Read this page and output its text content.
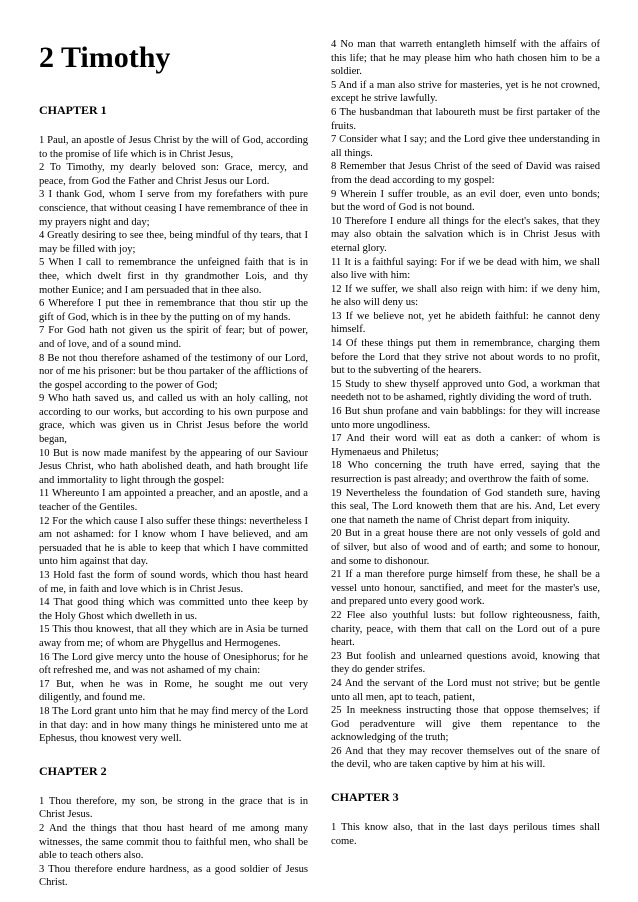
2 Timothy
CHAPTER 1

1 Paul, an apostle of Jesus Christ by the will of God, according to the promise of life which is in Christ Jesus,

2 To Timothy, my dearly beloved son: Grace, mercy, and peace, from God the Father and Christ Jesus our Lord.

3 I thank God, whom I serve from my forefathers with pure conscience, that without ceasing I have remembrance of thee in my prayers night and day;

4 Greatly desiring to see thee, being mindful of thy tears, that I may be filled with joy;

5 When I call to remembrance the unfeigned faith that is in thee, which dwelt first in thy grandmother Lois, and thy mother Eunice; and I am persuaded that in thee also.

6 Wherefore I put thee in remembrance that thou stir up the gift of God, which is in thee by the putting on of my hands.

7 For God hath not given us the spirit of fear; but of power, and of love, and of a sound mind.

8 Be not thou therefore ashamed of the testimony of our Lord, nor of me his prisoner: but be thou partaker of the afflictions of the gospel according to the power of God;

9 Who hath saved us, and called us with an holy calling, not according to our works, but according to his own purpose and grace, which was given us in Christ Jesus before the world began,

10 But is now made manifest by the appearing of our Saviour Jesus Christ, who hath abolished death, and hath brought life and immortality to light through the gospel:

11 Whereunto I am appointed a preacher, and an apostle, and a teacher of the Gentiles.

12 For the which cause I also suffer these things: nevertheless I am not ashamed: for I know whom I have believed, and am persuaded that he is able to keep that which I have committed unto him against that day.

13 Hold fast the form of sound words, which thou hast heard of me, in faith and love which is in Christ Jesus.

14 That good thing which was committed unto thee keep by the Holy Ghost which dwelleth in us.

15 This thou knowest, that all they which are in Asia be turned away from me; of whom are Phygellus and Hermogenes.

16 The Lord give mercy unto the house of Onesiphorus; for he oft refreshed me, and was not ashamed of my chain:

17 But, when he was in Rome, he sought me out very diligently, and found me.

18 The Lord grant unto him that he may find mercy of the Lord in that day: and in how many things he ministered unto me at Ephesus, thou knowest very well.

CHAPTER 2

1 Thou therefore, my son, be strong in the grace that is in Christ Jesus.

2 And the things that thou hast heard of me among many witnesses, the same commit thou to faithful men, who shall be able to teach others also.

3 Thou therefore endure hardness, as a good soldier of Jesus Christ.

4 No man that warreth entangleth himself with the affairs of this life; that he may please him who hath chosen him to be a soldier.

5 And if a man also strive for masteries, yet is he not crowned, except he strive lawfully.

6 The husbandman that laboureth must be first partaker of the fruits.

7 Consider what I say; and the Lord give thee understanding in all things.

8 Remember that Jesus Christ of the seed of David was raised from the dead according to my gospel:

9 Wherein I suffer trouble, as an evil doer, even unto bonds; but the word of God is not bound.

10 Therefore I endure all things for the elect's sakes, that they may also obtain the salvation which is in Christ Jesus with eternal glory.

11 It is a faithful saying: For if we be dead with him, we shall also live with him:

12 If we suffer, we shall also reign with him: if we deny him, he also will deny us:

13 If we believe not, yet he abideth faithful: he cannot deny himself.

14 Of these things put them in remembrance, charging them before the Lord that they strive not about words to no profit, but to the subverting of the hearers.

15 Study to shew thyself approved unto God, a workman that needeth not to be ashamed, rightly dividing the word of truth.

16 But shun profane and vain babblings: for they will increase unto more ungodliness.

17 And their word will eat as doth a canker: of whom is Hymenaeus and Philetus;

18 Who concerning the truth have erred, saying that the resurrection is past already; and overthrow the faith of some.

19 Nevertheless the foundation of God standeth sure, having this seal, The Lord knoweth them that are his. And, Let every one that nameth the name of Christ depart from iniquity.

20 But in a great house there are not only vessels of gold and of silver, but also of wood and of earth; and some to honour, and some to dishonour.

21 If a man therefore purge himself from these, he shall be a vessel unto honour, sanctified, and meet for the master's use, and prepared unto every good work.

22 Flee also youthful lusts: but follow righteousness, faith, charity, peace, with them that call on the Lord out of a pure heart.

23 But foolish and unlearned questions avoid, knowing that they do gender strifes.

24 And the servant of the Lord must not strive; but be gentle unto all men, apt to teach, patient,

25 In meekness instructing those that oppose themselves; if God peradventure will give them repentance to the acknowledging of the truth;

26 And that they may recover themselves out of the snare of the devil, who are taken captive by him at his will.

CHAPTER 3

1 This know also, that in the last days perilous times shall come.
